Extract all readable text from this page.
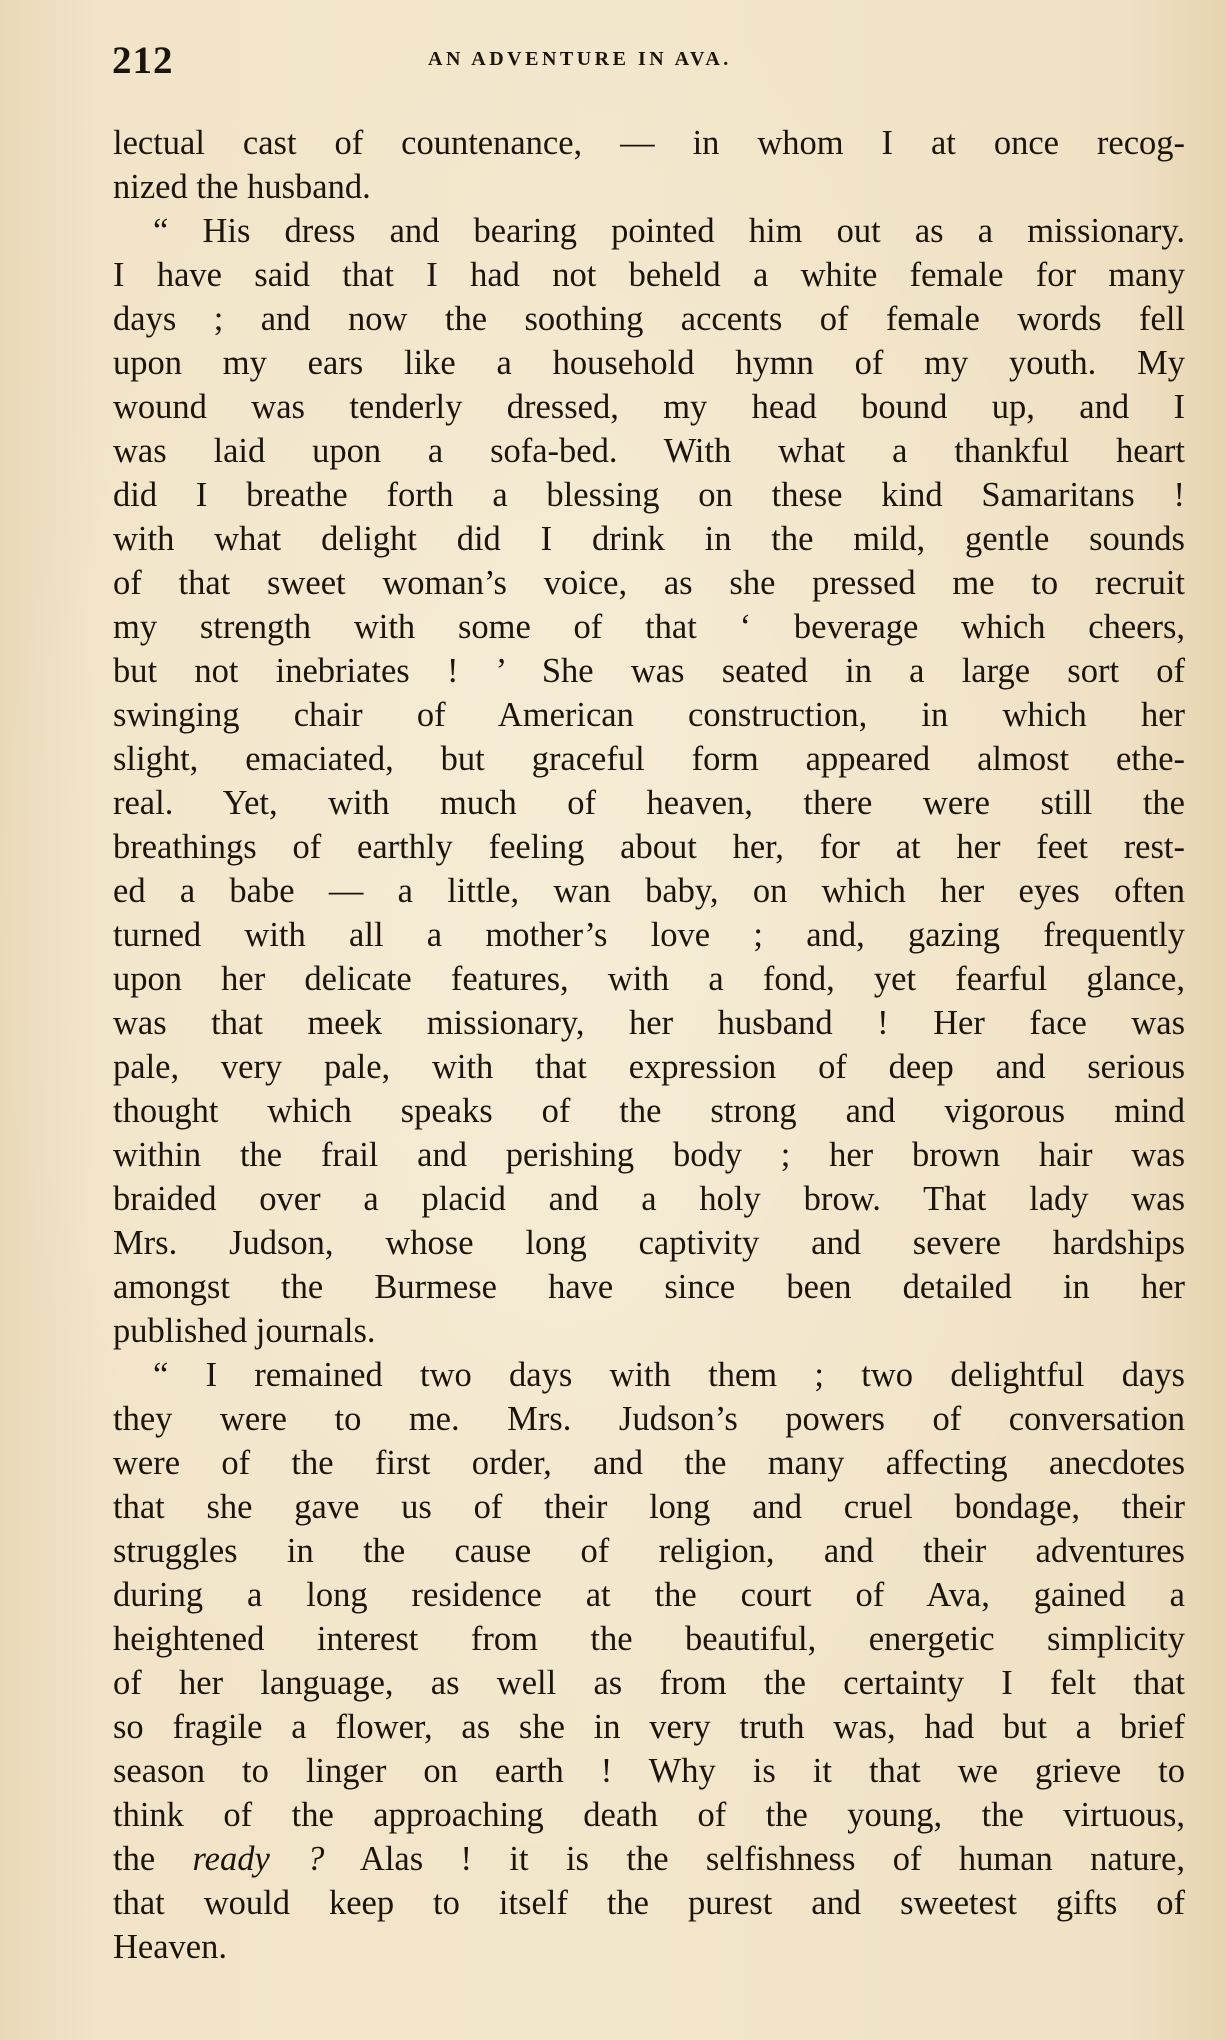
212	AN ADVENTURE IN AVA.
lectual cast of countenance, — in whom I at once recog-
nized the husband.
“ His dress and bearing pointed him out as a missionary.
I have said that I had not beheld a white female for many
days ; and now the soothing accents of female words fell
upon my ears like a household hymn of my youth. My
wound was tenderly dressed, my head bound up, and I
was laid upon a sofa-bed. With what a thankful heart
did I breathe forth a blessing on these kind Samaritans !
with what delight did I drink in the mild, gentle sounds
of that sweet woman’s voice, as she pressed me to recruit
my strength with some of that ‘ beverage which cheers,
but not inebriates ! ’ She was seated in a large sort of
swinging chair of American construction, in which her
slight, emaciated, but graceful form appeared almost ethe-
real. Yet, with much of heaven, there were still the
breathings of earthly feeling about her, for at her feet rest-
ed a babe — a little, wan baby, on which her eyes often
turned with all a mother’s love ; and, gazing frequently
upon her delicate features, with a fond, yet fearful glance,
was that meek missionary, her husband ! Her face was
pale, very pale, with that expression of deep and serious
thought which speaks of the strong and vigorous mind
within the frail and perishing body ; her brown hair was
braided over a placid and a holy brow. That lady was
Mrs. Judson, whose long captivity and severe hardships
amongst the Burmese have since been detailed in her
published journals.
“ I remained two days with them ; two delightful days
they were to me. Mrs. Judson’s powers of conversation
were of the first order, and the many affecting anecdotes
that she gave us of their long and cruel bondage, their
struggles in the cause of religion, and their adventures
during a long residence at the court of Ava, gained a
heightened interest from the beautiful, energetic simplicity
of her language, as well as from the certainty I felt that
so fragile a flower, as she in very truth was, had but a brief
season to linger on earth ! Why is it that we grieve to
think of the approaching death of the young, the virtuous,
the ready ? Alas ! it is the selfishness of human nature,
that would keep to itself the purest and sweetest gifts of
Heaven.
